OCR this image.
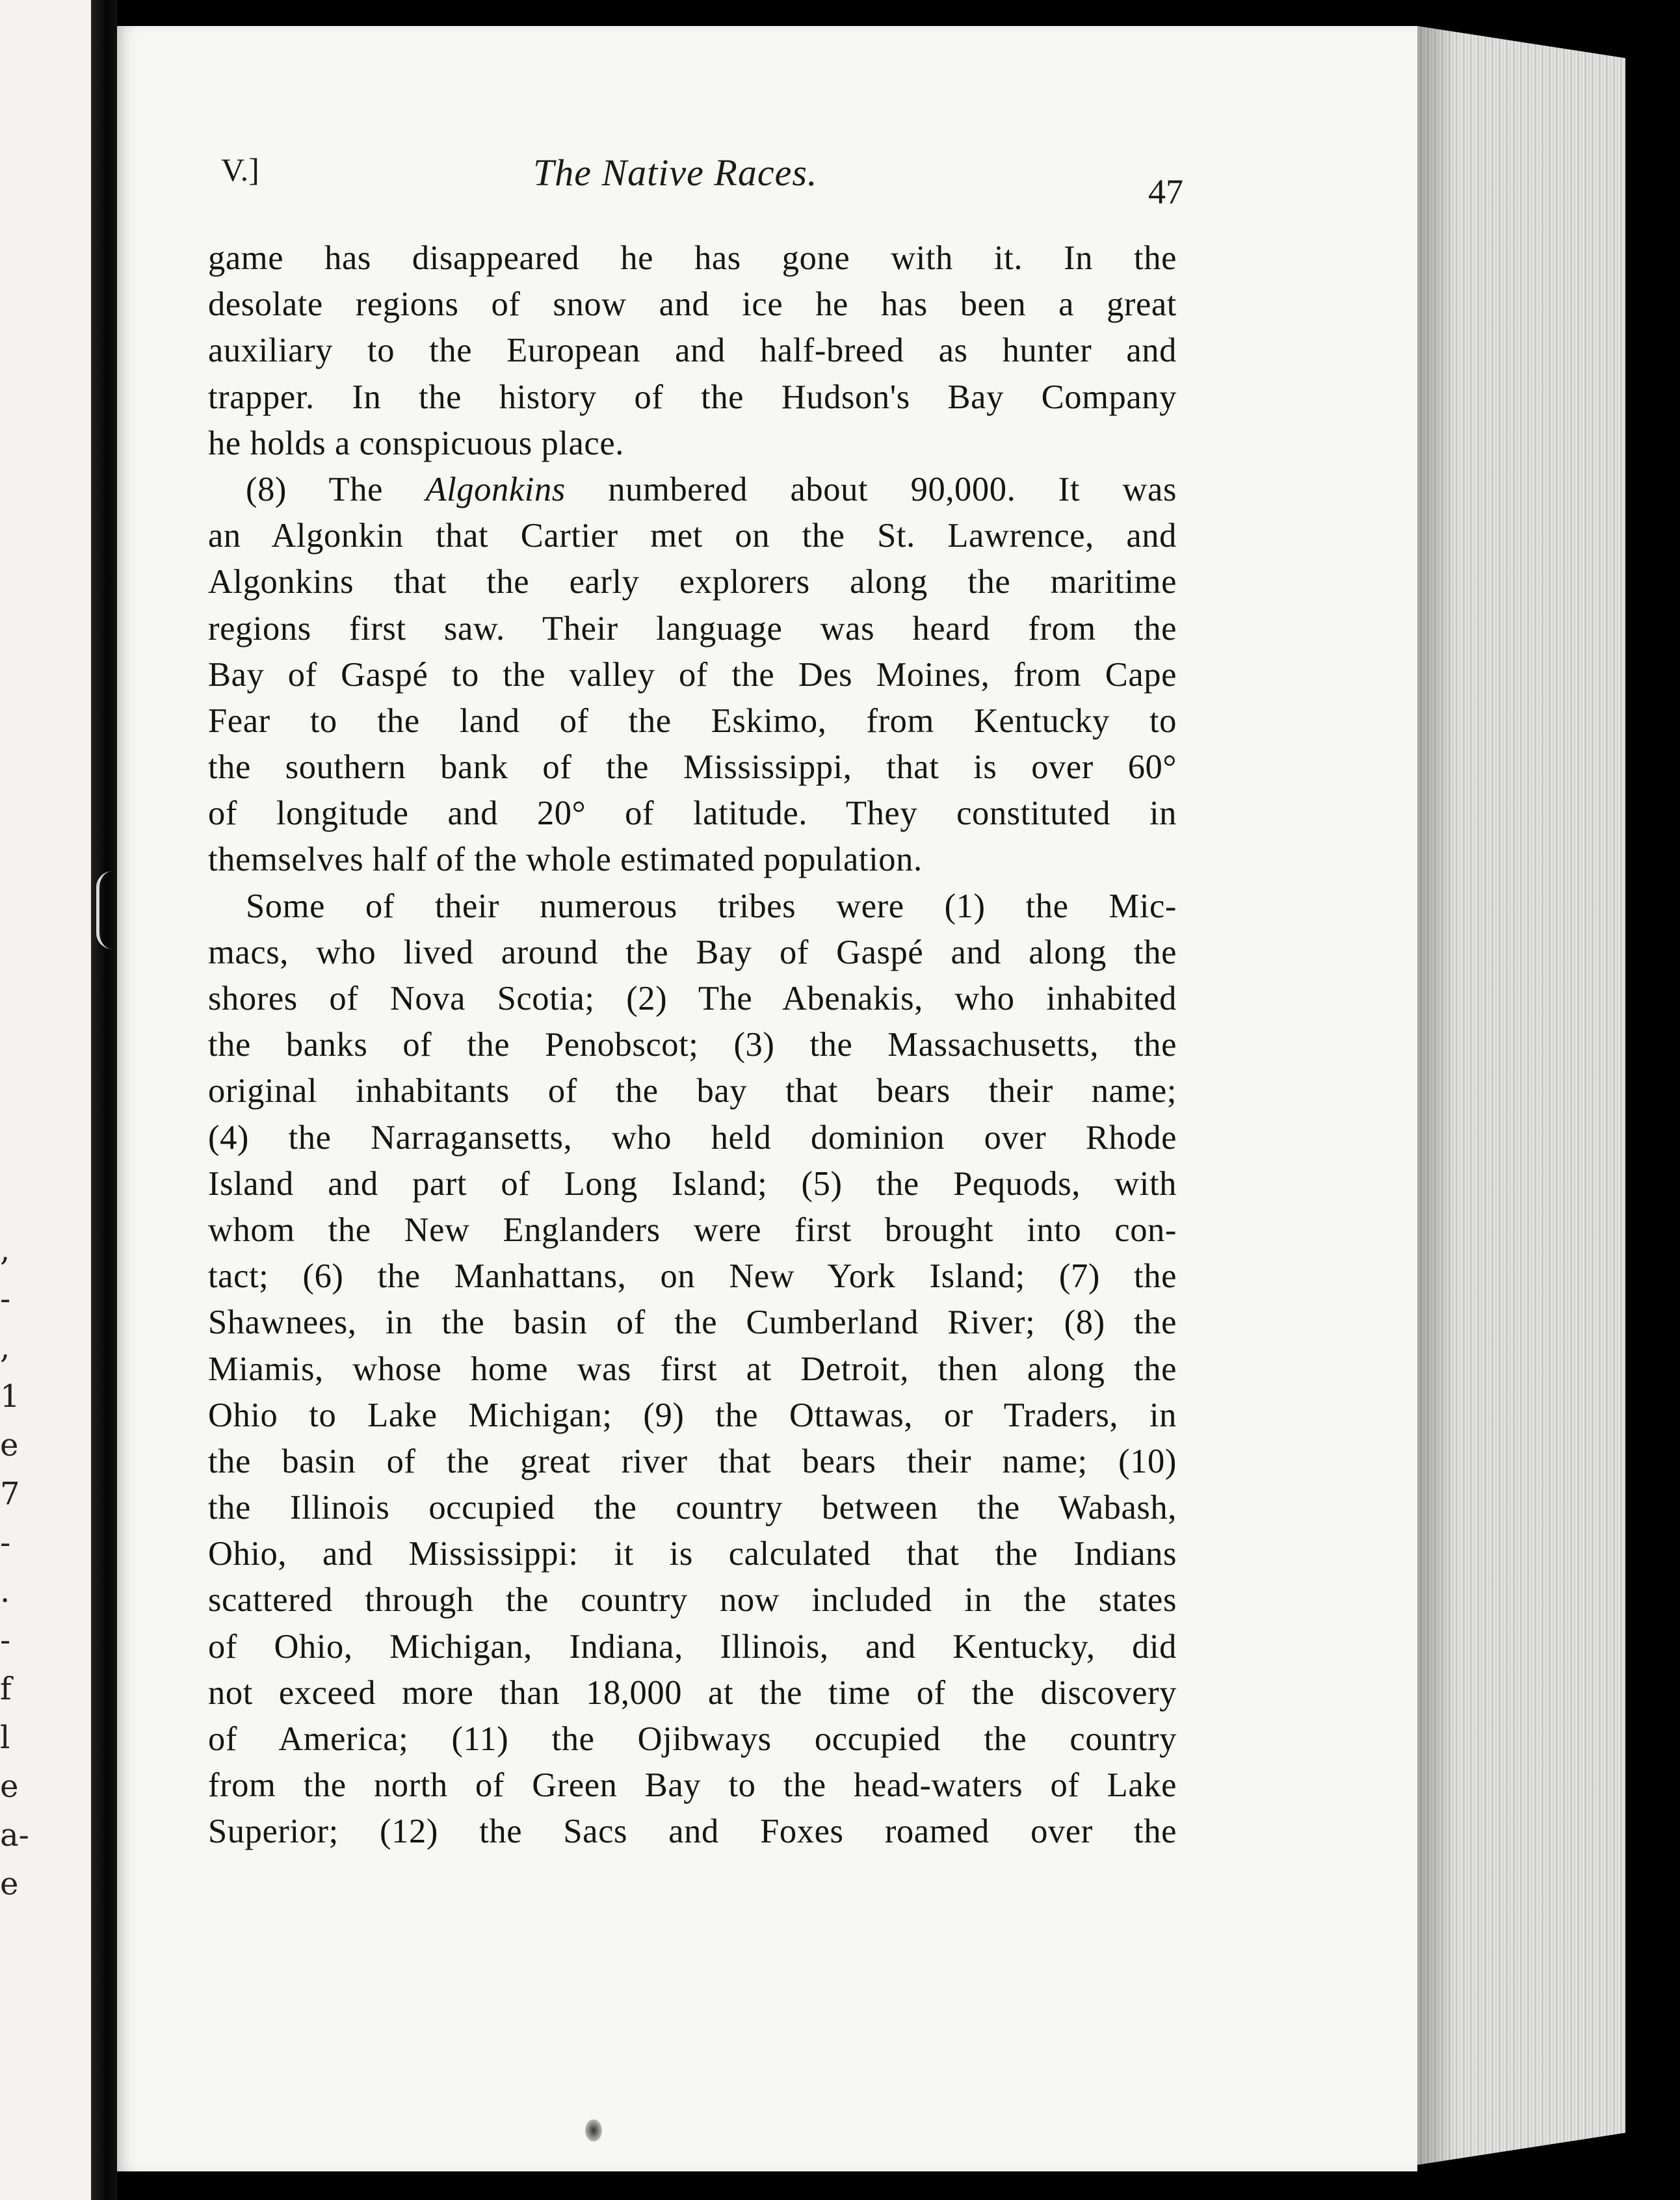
,
-
,
1
e
7
-
.
-
f
l
e
a-
e
V.]	The Native Races.	47
game has disappeared he has gone with it. In the
desolate regions of snow and ice he has been a great
auxiliary to the European and half-breed as hunter and
trapper. In the history of the Hudson's Bay Company
he holds a conspicuous place.
(8) The Algonkins numbered about 90,000. It was
an Algonkin that Cartier met on the St. Lawrence, and
Algonkins that the early explorers along the maritime
regions first saw. Their language was heard from the
Bay of Gaspé to the valley of the Des Moines, from Cape
Fear to the land of the Eskimo, from Kentucky to
the southern bank of the Mississippi, that is over 60°
of longitude and 20° of latitude. They constituted in
themselves half of the whole estimated population.
Some of their numerous tribes were (1) the Mic-
macs, who lived around the Bay of Gaspé and along the
shores of Nova Scotia; (2) The Abenakis, who inhabited
the banks of the Penobscot; (3) the Massachusetts, the
original inhabitants of the bay that bears their name;
(4) the Narragansetts, who held dominion over Rhode
Island and part of Long Island; (5) the Pequods, with
whom the New Englanders were first brought into con-
tact; (6) the Manhattans, on New York Island; (7) the
Shawnees, in the basin of the Cumberland River; (8) the
Miamis, whose home was first at Detroit, then along the
Ohio to Lake Michigan; (9) the Ottawas, or Traders, in
the basin of the great river that bears their name; (10)
the Illinois occupied the country between the Wabash,
Ohio, and Mississippi: it is calculated that the Indians
scattered through the country now included in the states
of Ohio, Michigan, Indiana, Illinois, and Kentucky, did
not exceed more than 18,000 at the time of the discovery
of America; (11) the Ojibways occupied the country
from the north of Green Bay to the head-waters of Lake
Superior; (12) the Sacs and Foxes roamed over the
